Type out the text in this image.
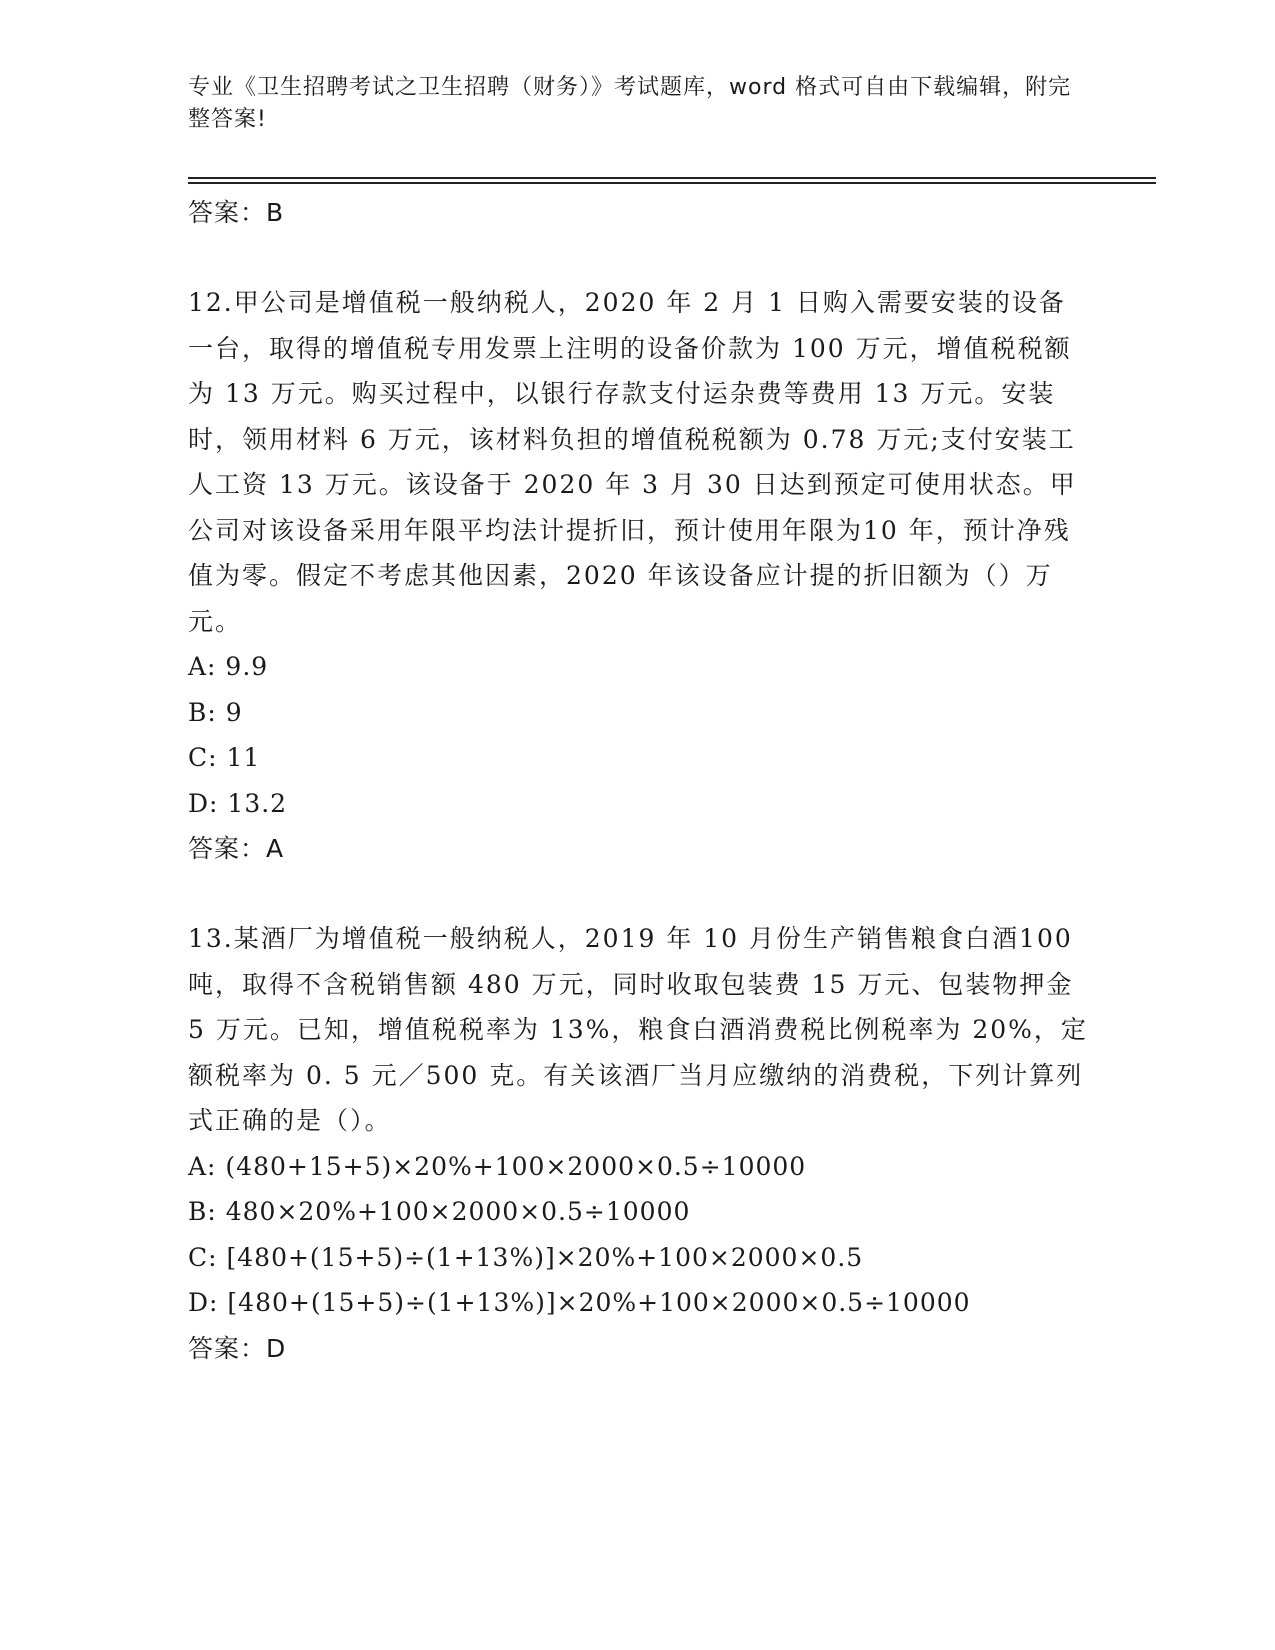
专业《卫生招聘考试之卫生招聘（财务）》考试题库，word 格式可自由下载编辑，附完整答案!
答案：B
12.甲公司是增值税一般纳税人，2020 年 2 月 1 日购入需要安装的设备一台，取得的增值税专用发票上注明的设备价款为 100 万元，增值税税额为 13 万元。购买过程中，以银行存款支付运杂费等费用 13 万元。安装时，领用材料 6 万元，该材料负担的增值税税额为 0.78 万元;支付安装工人工资 13 万元。该设备于 2020 年 3 月 30 日达到预定可使用状态。甲公司对该设备采用年限平均法计提折旧，预计使用年限为10 年，预计净残值为零。假定不考虑其他因素，2020 年该设备应计提的折旧额为（）万元。
A: 9.9
B: 9
C: 11
D: 13.2
答案：A
13.某酒厂为增值税一般纳税人，2019 年 10 月份生产销售粮食白酒100 吨，取得不含税销售额 480 万元，同时收取包装费 15 万元、包装物押金 5 万元。已知，增值税税率为 13%，粮食白酒消费税比例税率为 20%，定额税率为 0. 5 元／500 克。有关该酒厂当月应缴纳的消费税，下列计算列式正确的是（）。
A: (480+15+5)×20%+100×2000×0.5÷10000
B: 480×20%+100×2000×0.5÷10000
C: [480+(15+5)÷(1+13%)]×20%+100×2000×0.5
D: [480+(15+5)÷(1+13%)]×20%+100×2000×0.5÷10000
答案：D
